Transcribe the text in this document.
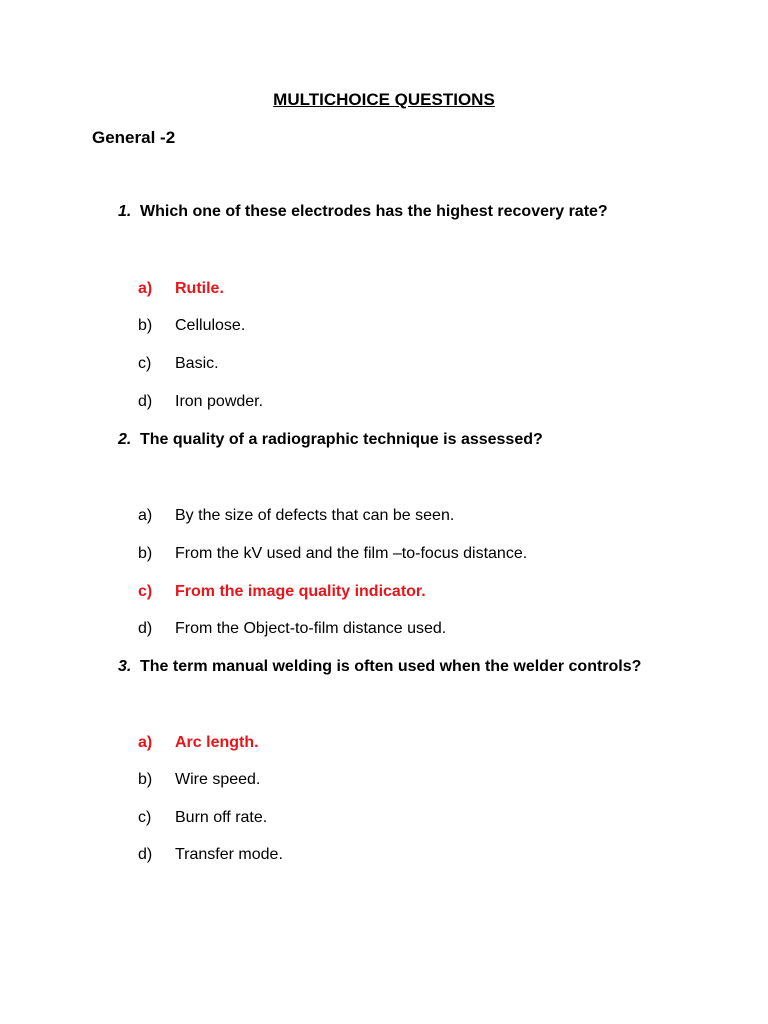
MULTICHOICE QUESTIONS
General -2
1. Which one of these electrodes has the highest recovery rate?
a) Rutile.
b) Cellulose.
c) Basic.
d) Iron powder.
2. The quality of a radiographic technique is assessed?
a) By the size of defects that can be seen.
b) From the kV used and the film –to-focus distance.
c) From the image quality indicator.
d) From the Object-to-film distance used.
3. The term manual welding is often used when the welder controls?
a) Arc length.
b) Wire speed.
c) Burn off rate.
d) Transfer mode.
